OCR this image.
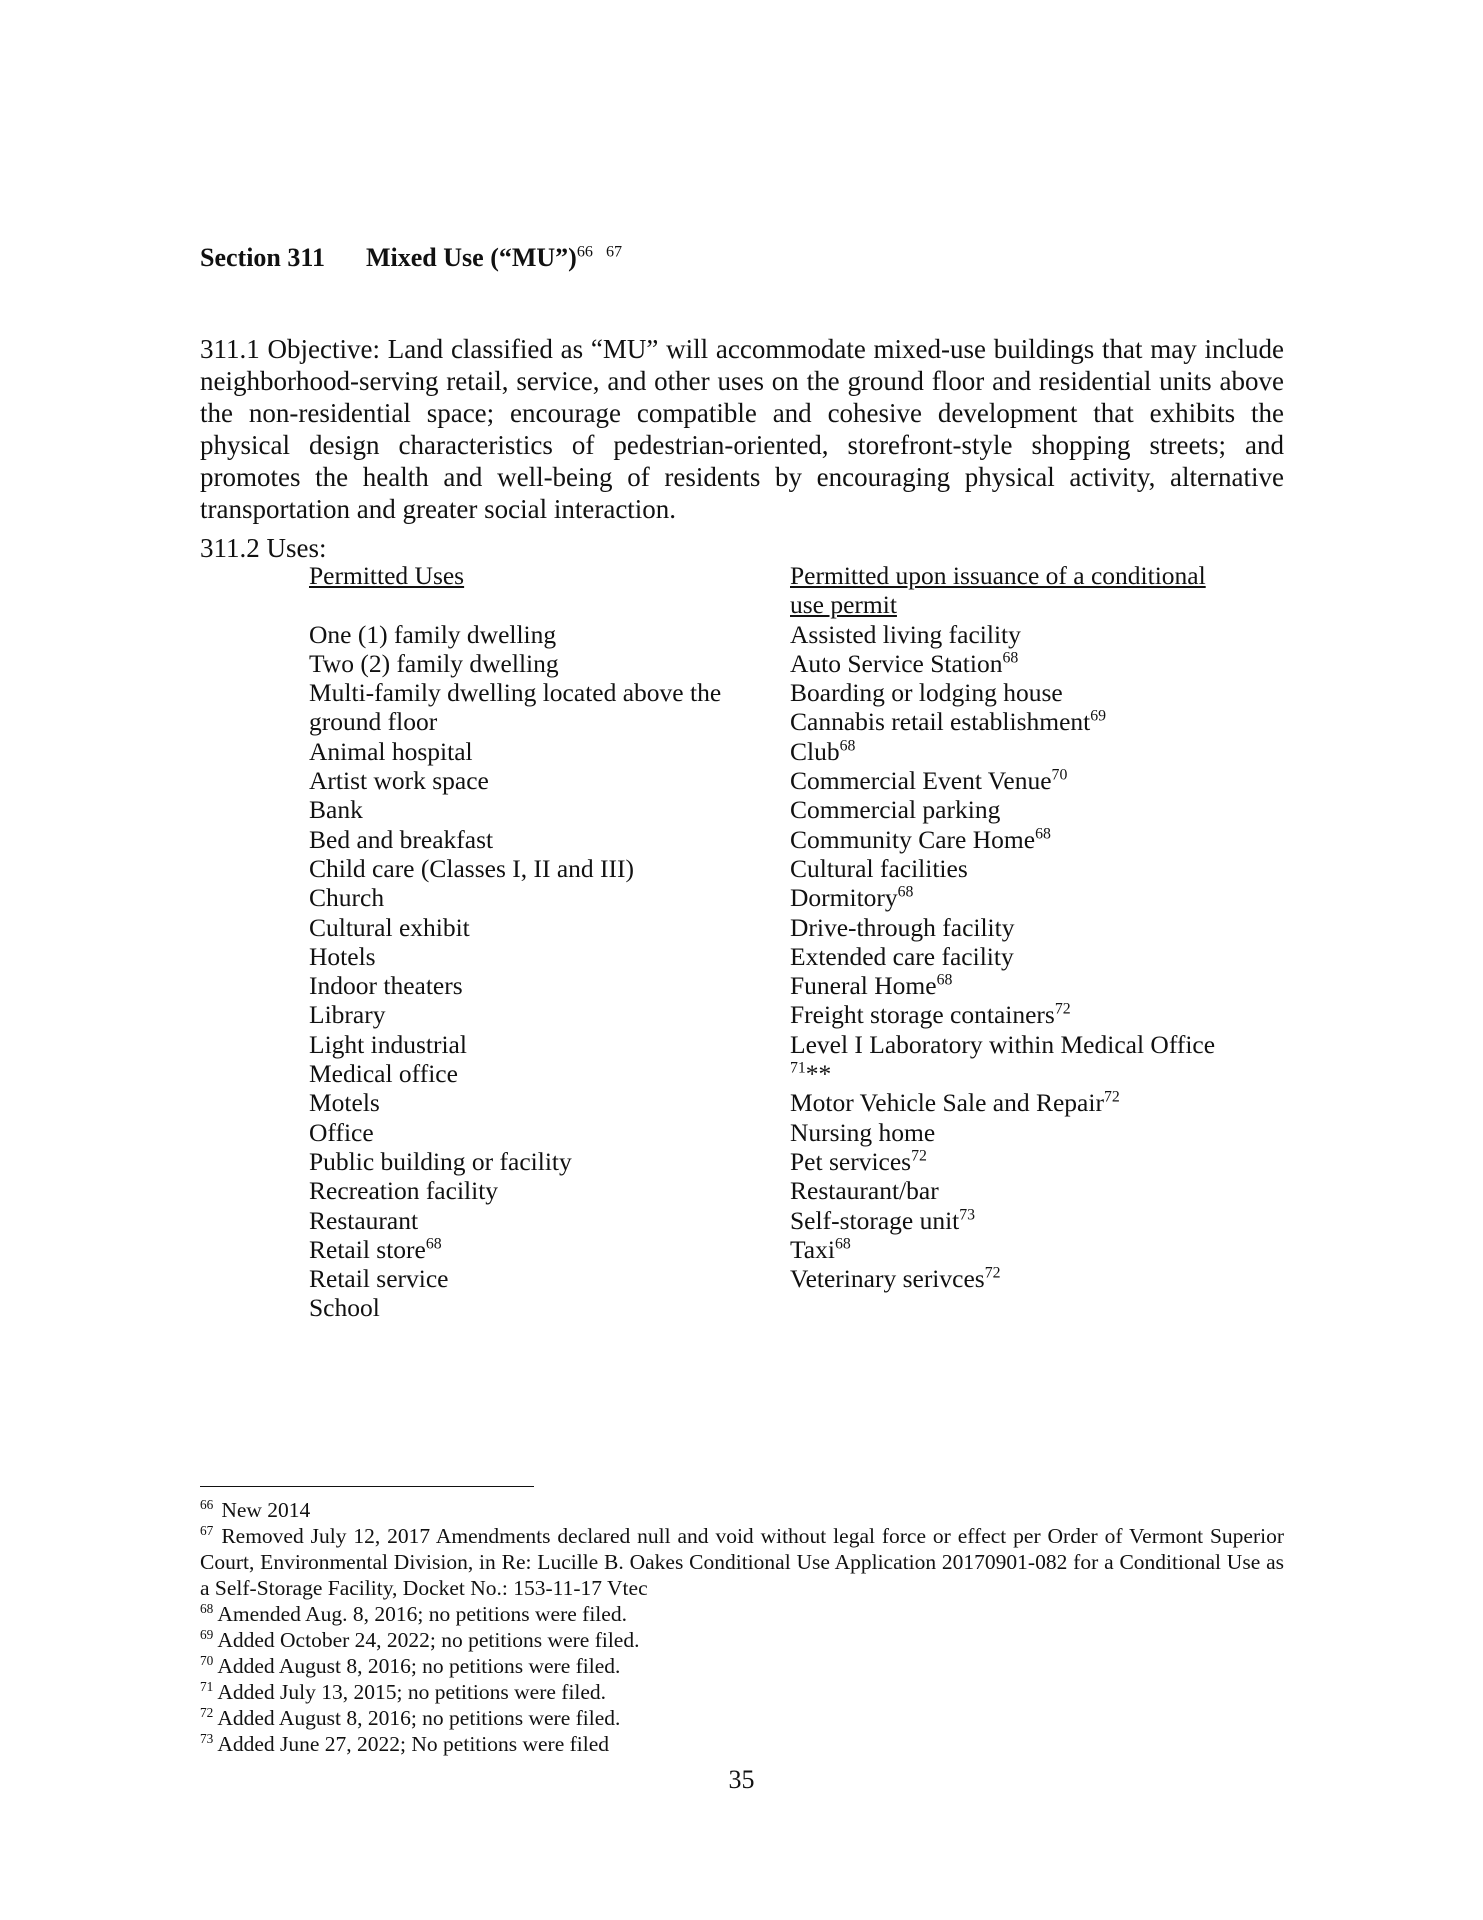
Section 311 Mixed Use (“MU”)$^{66}$ $^{67}$

311.1 Objective: Land classified as “MU” will accommodate mixed-use buildings that may include neighborhood-serving retail, service, and other uses on the ground floor and residential units above the non-residential space; encourage compatible and cohesive development that exhibits the physical design characteristics of pedestrian-oriented, storefront-style shopping streets; and promotes the health and well-being of residents by encouraging physical activity, alternative transportation and greater social interaction.

311.2 Uses:
Permitted Uses
One (1) family dwelling
Two (2) family dwelling
Multi-family dwelling located above the
ground floor
Animal hospital
Artist work space
Bank
Bed and breakfast
Child care (Classes I, II and III)
Church
Cultural exhibit
Hotels
Indoor theaters
Library
Light industrial
Medical office
Motels
Office
Public building or facility
Recreation facility
Restaurant
Retail store$^{68}$
Retail service
School
Permitted upon issuance of a conditional
use permit
Assisted living facility
Auto Service Station$^{68}$
Boarding or lodging house
Cannabis retail establishment$^{69}$
Club$^{68}$
Commercial Event Venue$^{70}$
Commercial parking
Community Care Home$^{68}$
Cultural facilities
Dormitory$^{68}$
Drive-through facility
Extended care facility
Funeral Home$^{68}$
Freight storage containers$^{72}$
Level I Laboratory within Medical Office
$^{71}$**
Motor Vehicle Sale and Repair$^{72}$
Nursing home
Pet services$^{72}$
Restaurant/bar
Self-storage unit$^{73}$
Taxi$^{68}$
Veterinary serivces$^{72}$

$^{66}$ New 2014

$^{67}$ Removed July 12, 2017 Amendments declared null and void without legal force or effect per Order of Vermont Superior Court, Environmental Division, in Re: Lucille B. Oakes Conditional Use Application 20170901-082 for a Conditional Use as a Self-Storage Facility, Docket No.: 153-11-17 Vtec

$^{68}$ Amended Aug. 8, 2016; no petitions were filed.

$^{69}$ Added October 24, 2022; no petitions were filed.

$^{70}$ Added August 8, 2016; no petitions were filed.

$^{71}$ Added July 13, 2015; no petitions were filed.

$^{72}$ Added August 8, 2016; no petitions were filed.

$^{73}$ Added June 27, 2022; No petitions were filed

35
